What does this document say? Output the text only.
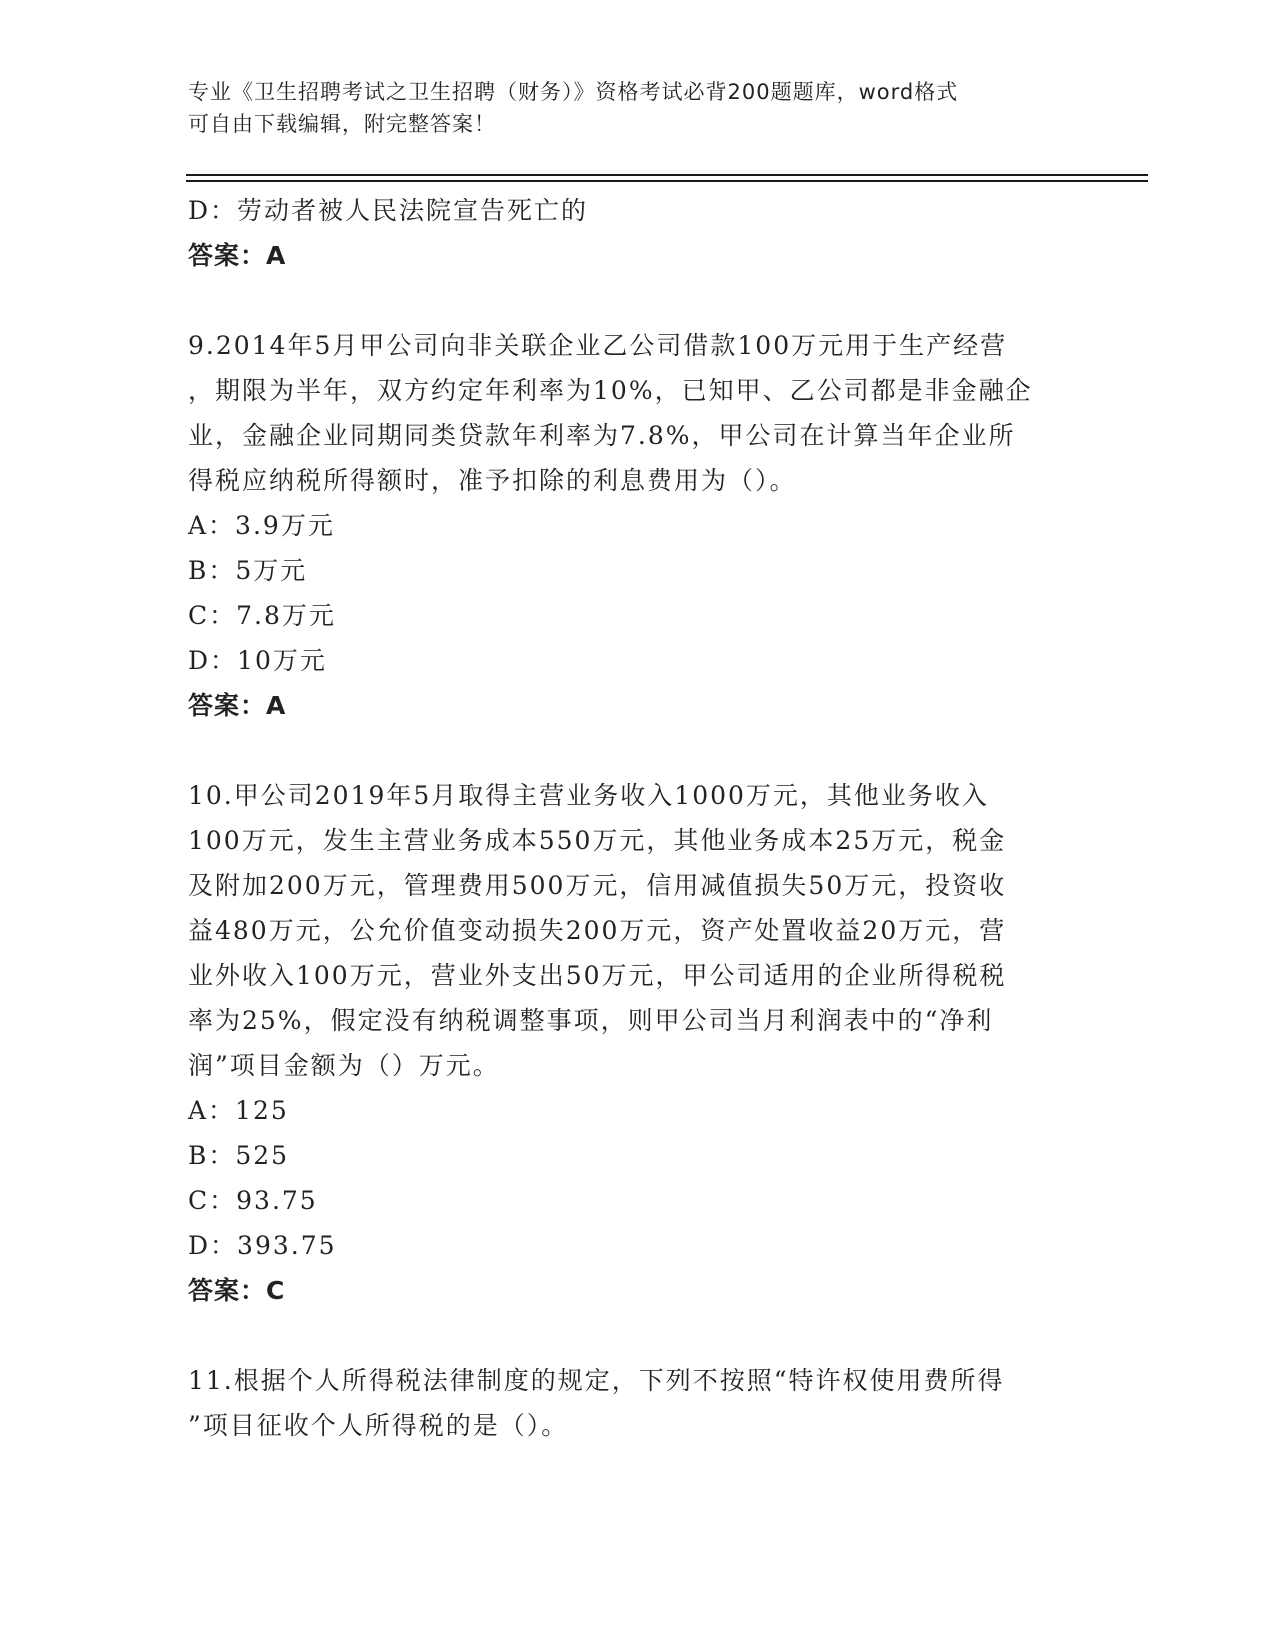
专业《卫生招聘考试之卫生招聘（财务）》资格考试必背200题题库，word格式
可自由下载编辑，附完整答案！
D：劳动者被人民法院宣告死亡的
答案：A
9.2014年5月甲公司向非关联企业乙公司借款100万元用于生产经营
，期限为半年，双方约定年利率为10%，已知甲、乙公司都是非金融企
业，金融企业同期同类贷款年利率为7.8%，甲公司在计算当年企业所
得税应纳税所得额时，准予扣除的利息费用为（）。
A：3.9万元
B：5万元
C：7.8万元
D：10万元
答案：A
10.甲公司2019年5月取得主营业务收入1000万元，其他业务收入
100万元，发生主营业务成本550万元，其他业务成本25万元，税金
及附加200万元，管理费用500万元，信用减值损失50万元，投资收
益480万元，公允价值变动损失200万元，资产处置收益20万元，营
业外收入100万元，营业外支出50万元，甲公司适用的企业所得税税
率为25%，假定没有纳税调整事项，则甲公司当月利润表中的“净利
润”项目金额为（）万元。
A：125
B：525
C：93.75
D：393.75
答案：C
11.根据个人所得税法律制度的规定，下列不按照“特许权使用费所得
”项目征收个人所得税的是（）。
